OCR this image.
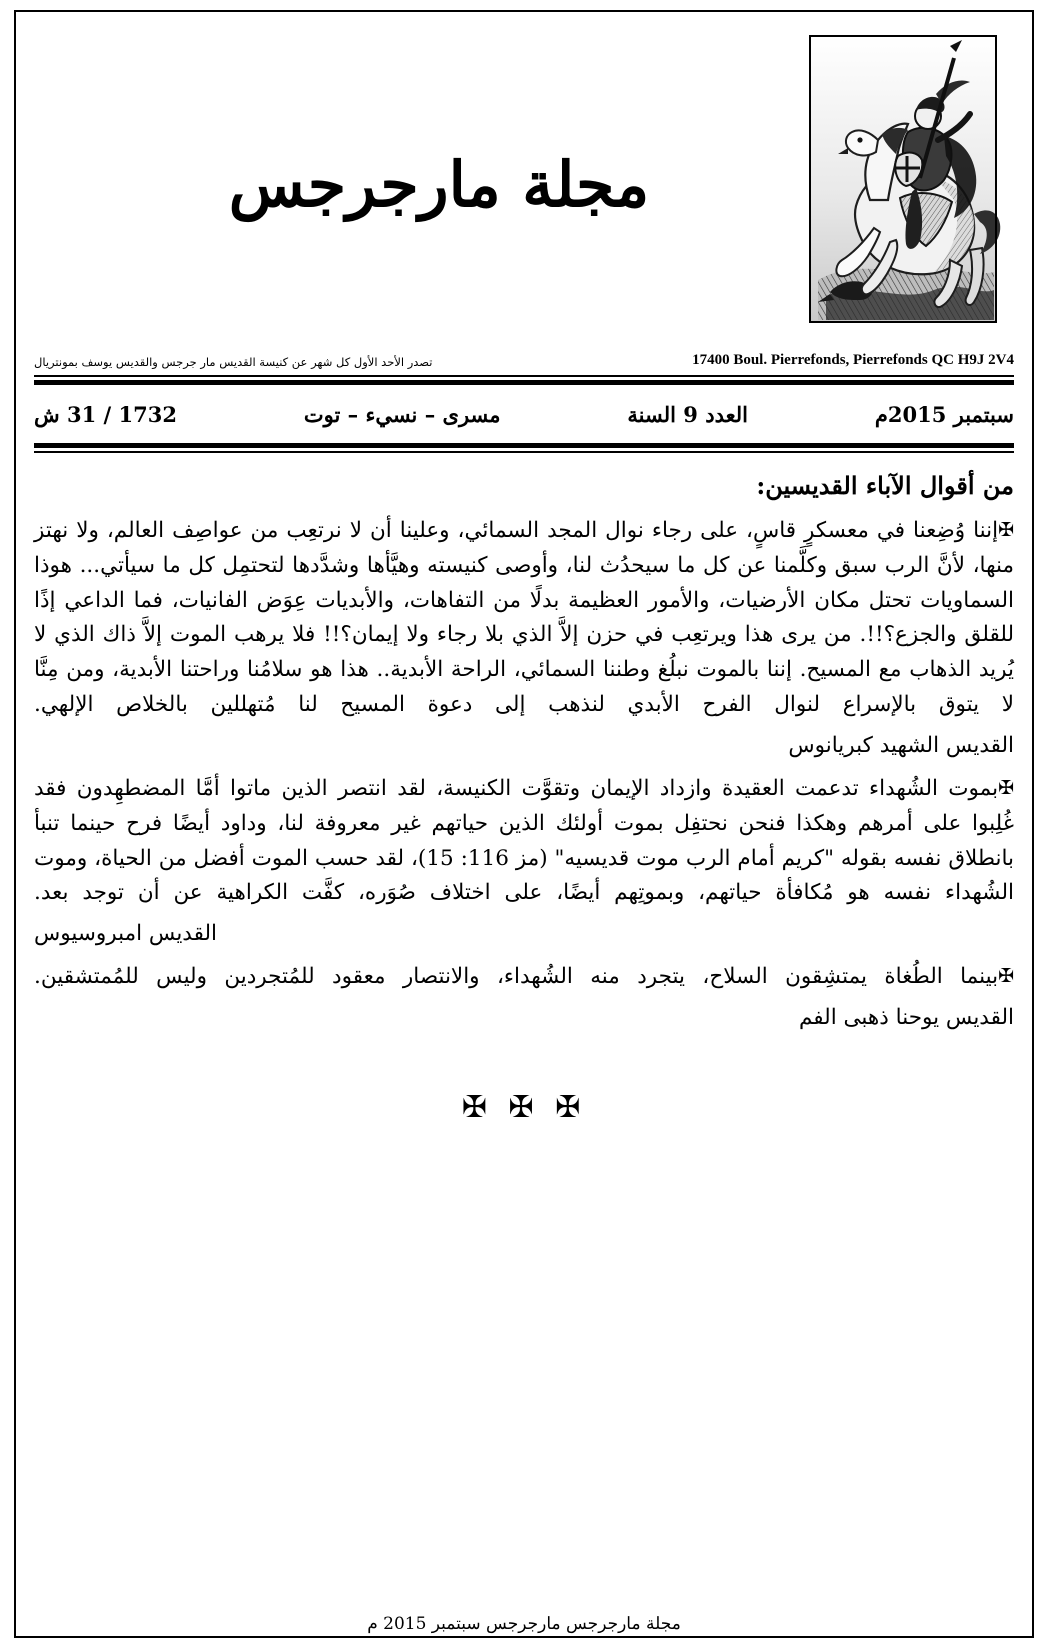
مجلة مارجرجس
17400 Boul. Pierrefonds, Pierrefonds QC H9J 2V4
تصدر الأحد الأول كل شهر عن كنيسة القديس مار جرجس والقديس يوسف بمونتريال
سبتمبر 2015م
العدد 9 السنة
مسرى – نسيء – توت
1732 / 31 ش
من أقوال الآباء القديسين:

✠إننا وُضِعنا في معسكرٍ قاسٍ، على رجاء نوال المجد السمائي، وعلينا أن لا نرتعِب من عواصِف العالم، ولا نهتز منها، لأنَّ الرب سبق وكلَّمنا عن كل ما سيحدُث لنا، وأوصى كنيسته وهيَّأها وشدَّدها لتحتمِل كل ما سيأتي... هوذا السماويات تحتل مكان الأرضيات، والأمور العظيمة بدلًا من التفاهات، والأبديات عِوَض الفانيات، فما الداعي إذًا للقلق والجزع؟!!. من يرى هذا ويرتعِب في حزن إلاَّ الذي بلا رجاء ولا إيمان؟!! فلا يرهب الموت إلاَّ ذاك الذي لا يُريد الذهاب مع المسيح. إننا بالموت نبلُغ وطننا السمائي، الراحة الأبدية.. هذا هو سلامُنا وراحتنا الأبدية، ومن مِنَّا لا يتوق بالإسراع لنوال الفرح الأبدي لنذهب إلى دعوة المسيح لنا مُتهللين بالخلاص الإلهي.

القديس الشهيد كبريانوس

✠بموت الشُهداء تدعمت العقيدة وازداد الإيمان وتقوَّت الكنيسة، لقد انتصر الذين ماتوا أمَّا المضطهِدون فقد غُلِبوا على أمرهم وهكذا فنحن نحتفِل بموت أولئك الذين حياتهم غير معروفة لنا، وداود أيضًا فرح حينما تنبأ بانطلاق نفسه بقوله "كريم أمام الرب موت قديسيه" (مز 116: 15)، لقد حسب الموت أفضل من الحياة، وموت الشُهداء نفسه هو مُكافأة حياتهم، وبموتِهم أيضًا، على اختلاف صُوَره، كفَّت الكراهية عن أن توجد بعد.

القديس امبروسيوس

✠بينما الطُغاة يمتشِقون السلاح، يتجرد منه الشُهداء، والانتصار معقود للمُتجردين وليس للمُمتشقين.

القديس يوحنا ذهبى الفم
✠ ✠ ✠
مجلة مارجرجس مارجرجس سبتمبر 2015 م
